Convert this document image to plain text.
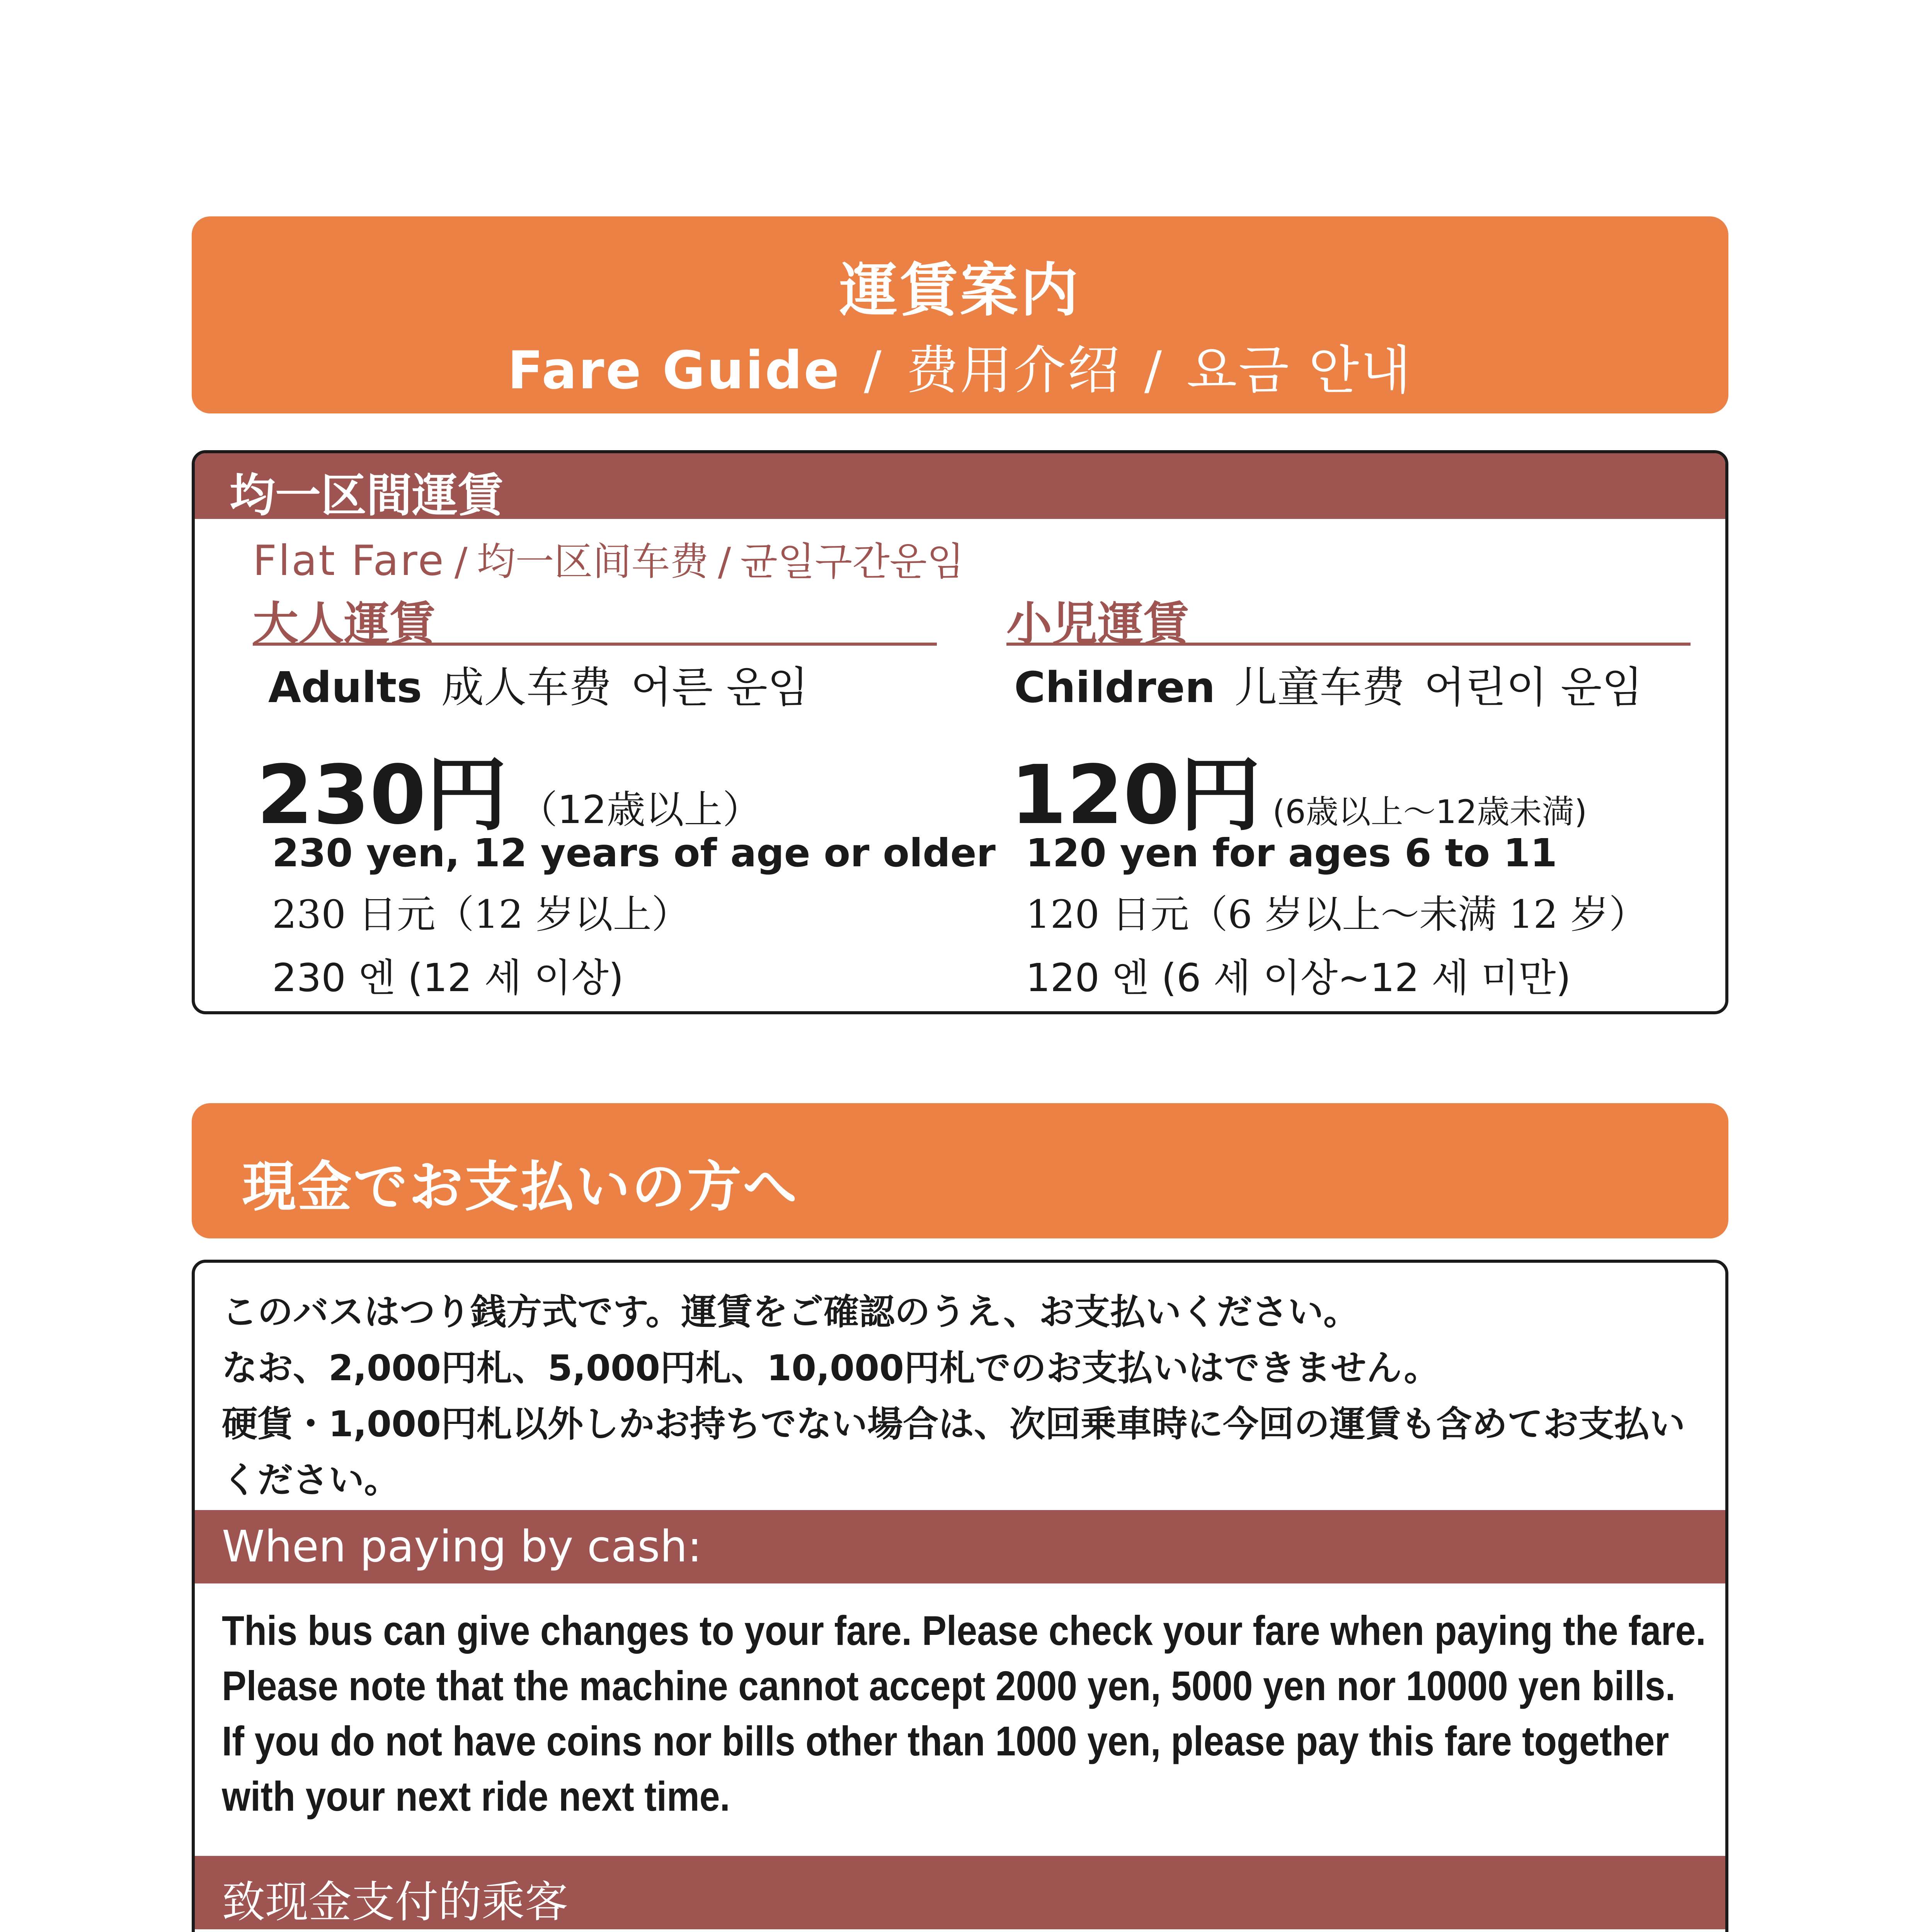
運賃案内
Fare Guide / 费用介绍 / 요금 안내
均一区間運賃
Flat Fare / 均一区间车费 / 균일구간운임
大人運賃
Adults 成人车费 어른 운임
230円 （12歳以上）
230 yen, 12 years of age or older
230 日元（12 岁以上）
230 엔 (12 세 이상)
小児運賃
Children 儿童车费 어린이 운임
120円 (6歳以上～12歳未満)
120 yen for ages 6 to 11
120 日元（6 岁以上～未满 12 岁）
120 엔 (6 세 이상~12 세 미만)
現金でお支払いの方へ
このバスはつり銭方式です。運賃をご確認のうえ、お支払いください。
なお、2,000円札、5,000円札、10,000円札でのお支払いはできません。
硬貨・1,000円札以外しかお持ちでない場合は、次回乗車時に今回の運賃も含めてお支払い
ください。
When paying by cash:
This bus can give changes to your fare. Please check your fare when paying the fare.
Please note that the machine cannot accept 2000 yen, 5000 yen nor 10000 yen bills.
If you do not have coins nor bills other than 1000 yen, please pay this fare together
with your next ride next time.
致现金支付的乘客
